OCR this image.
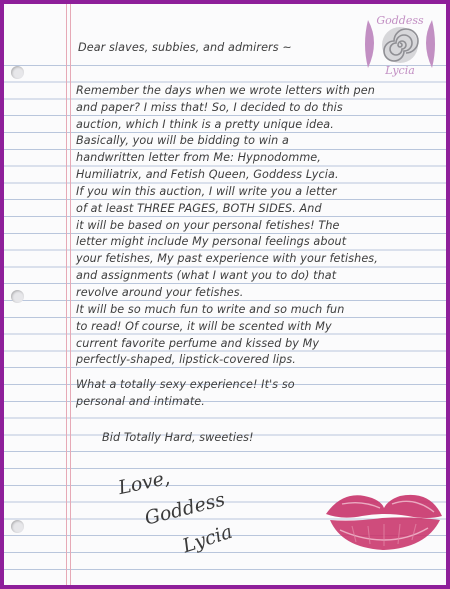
Goddess
Lycia
Dear slaves, subbies, and admirers ~
Remember the days when we wrote letters with pen
and paper? I miss that! So, I decided to do this
auction, which I think is a pretty unique idea.
Basically, you will be bidding to win a
handwritten letter from Me: Hypnodomme,
Humiliatrix, and Fetish Queen, Goddess Lycia.
If you win this auction, I will write you a letter
of at least THREE PAGES, BOTH SIDES. And
it will be based on your personal fetishes! The
letter might include My personal feelings about
your fetishes, My past experience with your fetishes,
and assignments (what I want you to do) that
revolve around your fetishes.
It will be so much fun to write and so much fun
to read! Of course, it will be scented with My
current favorite perfume and kissed by My
perfectly-shaped, lipstick-covered lips.
What a totally sexy experience! It's so
personal and intimate.
Bid Totally Hard, sweeties!
Love,
Goddess
Lycia
